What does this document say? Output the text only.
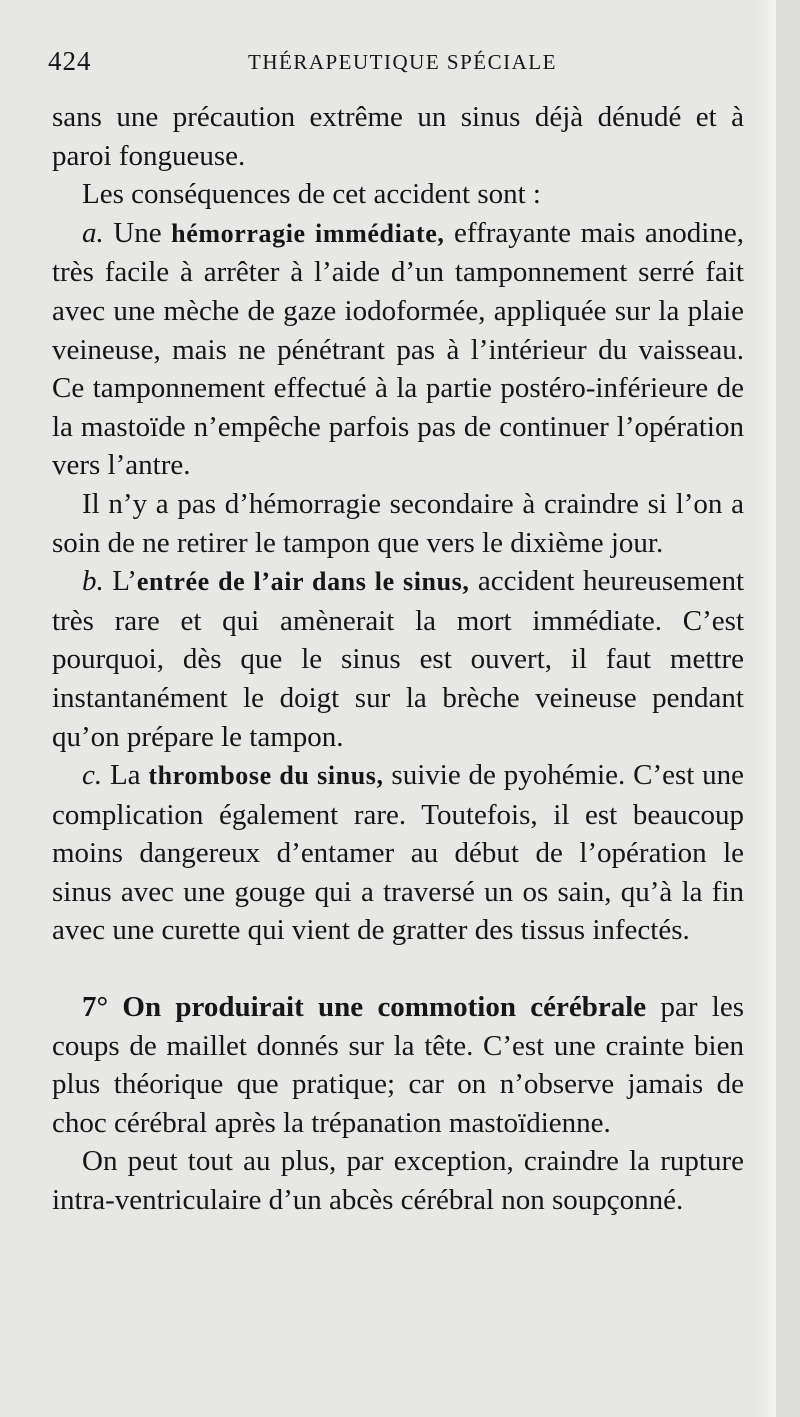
424	THÉRAPEUTIQUE SPÉCIALE

sans une précaution extrême un sinus déjà dénudé et à paroi fongueuse.

Les conséquences de cet accident sont :

a. Une hémorragie immédiate, effrayante mais anodine, très facile à arrêter à l’aide d’un tamponnement serré fait avec une mèche de gaze iodoformée, appliquée sur la plaie veineuse, mais ne pénétrant pas à l’intérieur du vaisseau. Ce tamponnement effectué à la partie postéro-inférieure de la mastoïde n’empêche parfois pas de continuer l’opération vers l’antre.

Il n’y a pas d’hémorragie secondaire à craindre si l’on a soin de ne retirer le tampon que vers le dixième jour.

b. L’entrée de l’air dans le sinus, accident heureusement très rare et qui amènerait la mort immédiate. C’est pourquoi, dès que le sinus est ouvert, il faut mettre instantanément le doigt sur la brèche veineuse pendant qu’on prépare le tampon.

c. La thrombose du sinus, suivie de pyohémie. C’est une complication également rare. Toutefois, il est beaucoup moins dangereux d’entamer au début de l’opération le sinus avec une gouge qui a traversé un os sain, qu’à la fin avec une curette qui vient de gratter des tissus infectés.

7° On produirait une commotion cérébrale par les coups de maillet donnés sur la tête. C’est une crainte bien plus théorique que pratique; car on n’observe jamais de choc cérébral après la trépanation mastoïdienne.

On peut tout au plus, par exception, craindre la rupture intra-ventriculaire d’un abcès cérébral non soupçonné.
